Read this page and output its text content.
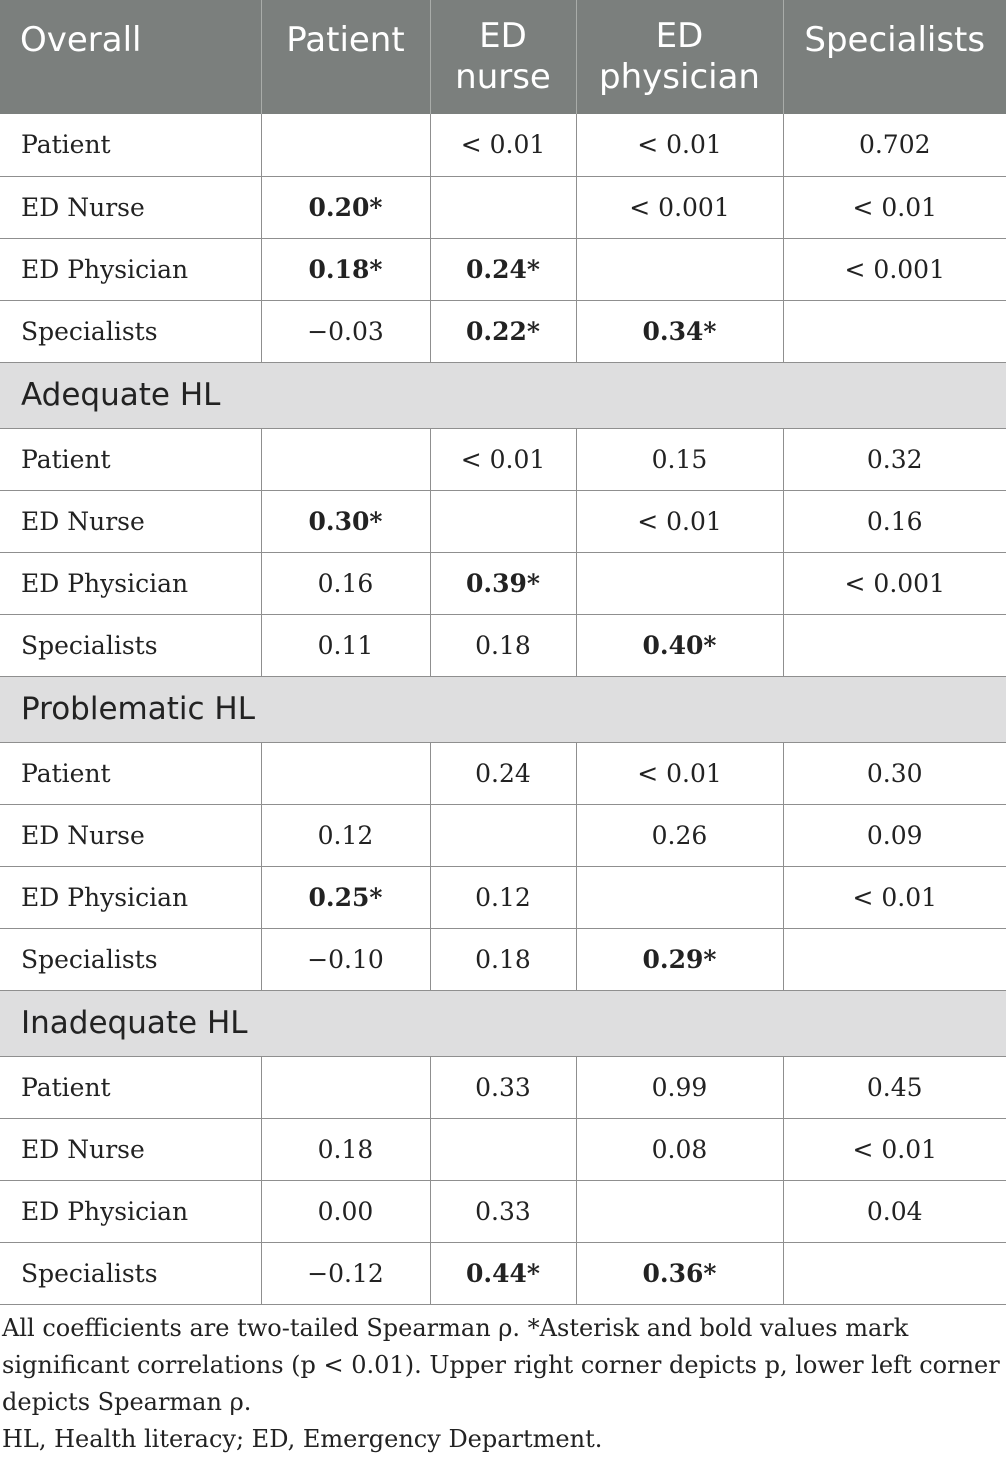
Overall	Patient	ED nurse	ED physician	Specialists
Patient		< 0.01	< 0.01	0.702
ED Nurse	0.20*		< 0.001	< 0.01
ED Physician	0.18*	0.24*		< 0.001
Specialists	−0.03	0.22*	0.34*	
Adequate HL				
Patient		< 0.01	0.15	0.32
ED Nurse	0.30*		< 0.01	0.16
ED Physician	0.16	0.39*		< 0.001
Specialists	0.11	0.18	0.40*	
Problematic HL				
Patient		0.24	< 0.01	0.30
ED Nurse	0.12		0.26	0.09
ED Physician	0.25*	0.12		< 0.01
Specialists	−0.10	0.18	0.29*	
Inadequate HL				
Patient		0.33	0.99	0.45
ED Nurse	0.18		0.08	< 0.01
ED Physician	0.00	0.33		0.04
Specialists	−0.12	0.44*	0.36*	

All coefficients are two-tailed Spearman ρ. *Asterisk and bold values mark significant correlations (p < 0.01). Upper right corner depicts p, lower left corner depicts Spearman ρ.

HL, Health literacy; ED, Emergency Department.
